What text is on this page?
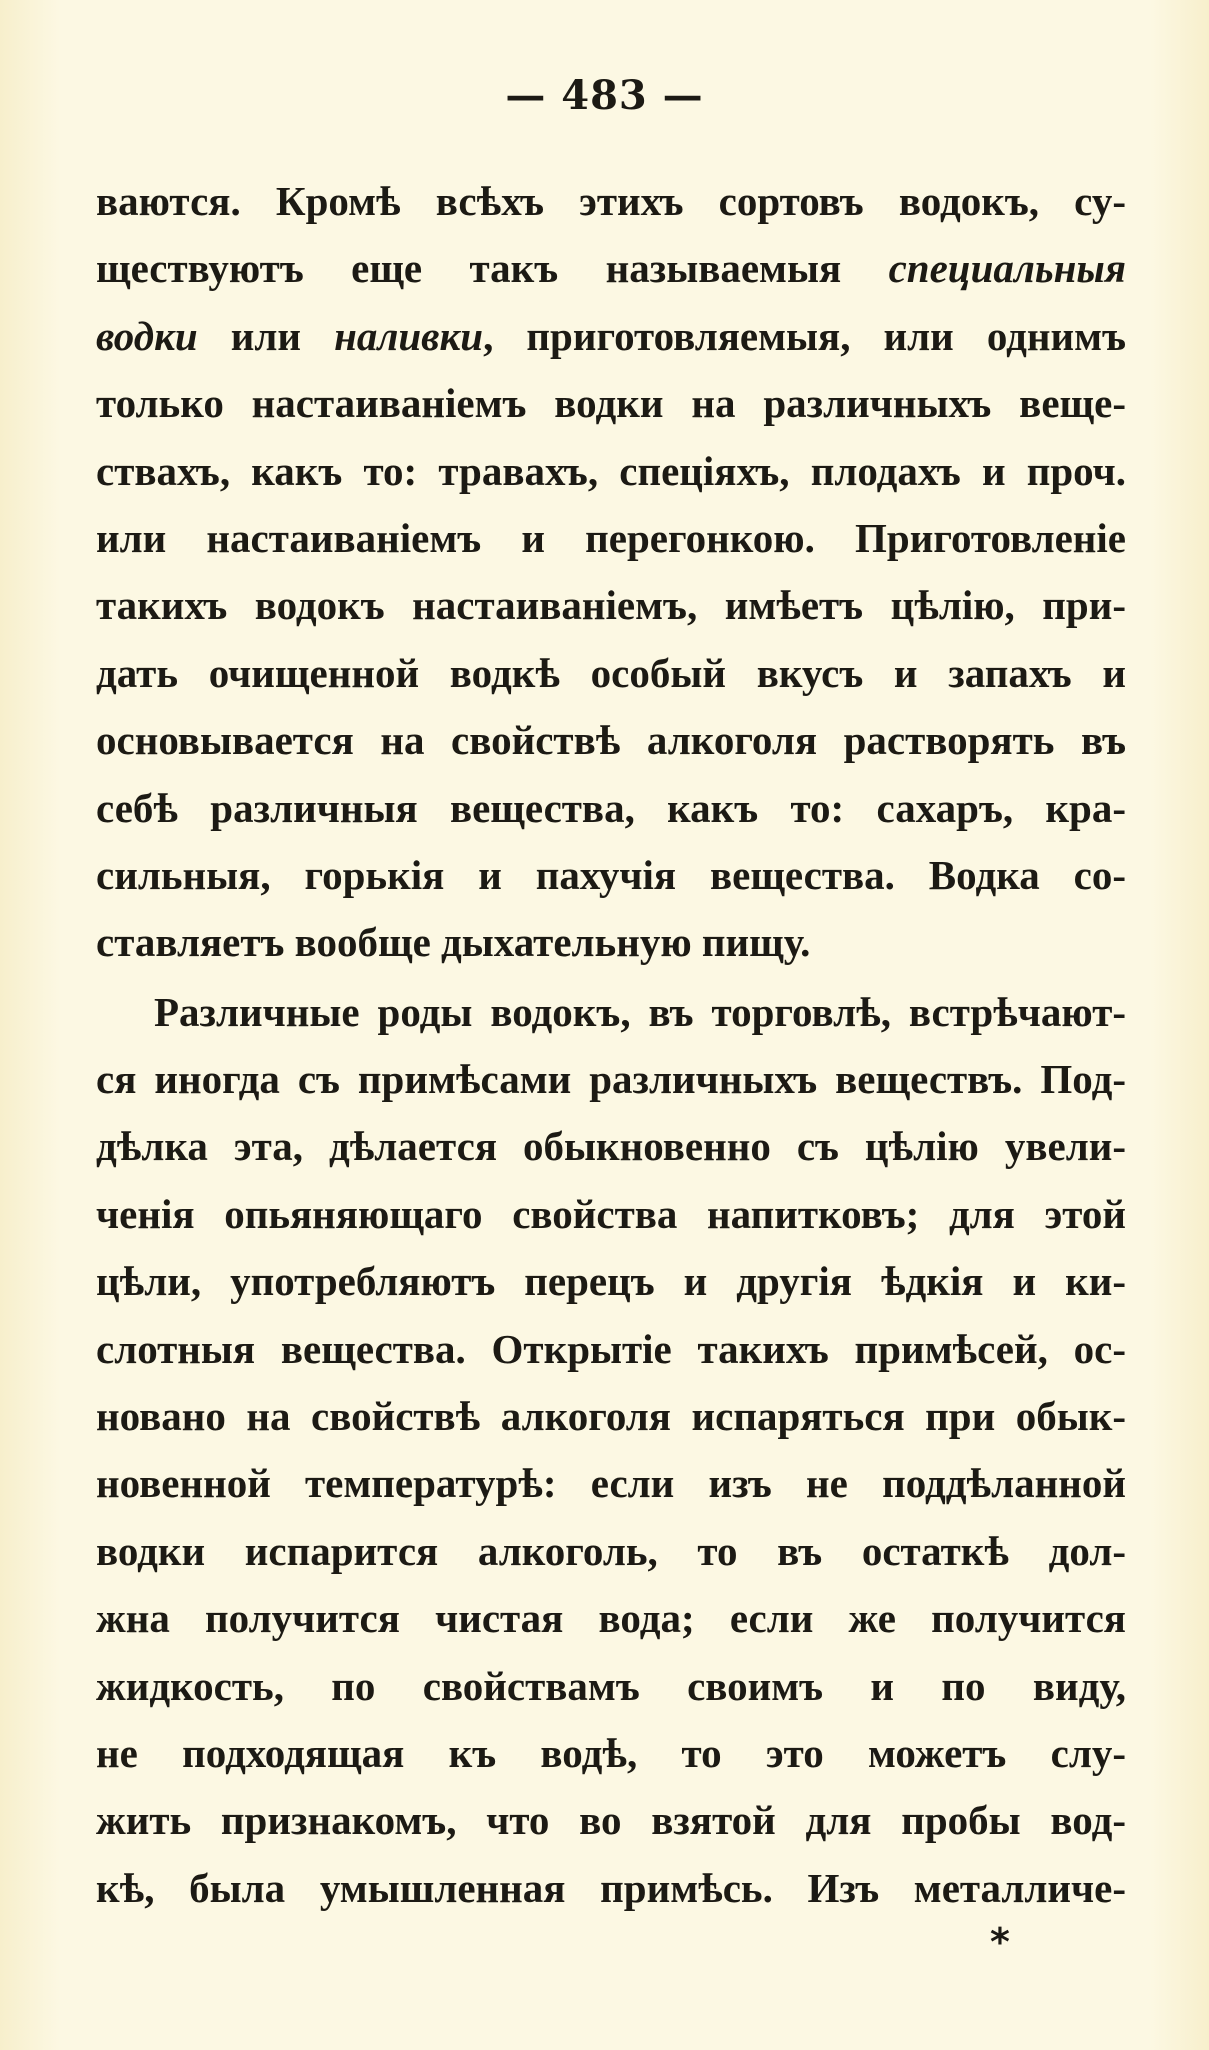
— 483 —
ваются. Кромѣ всѣхъ этихъ сортовъ водокъ, су-
ществуютъ еще такъ называемыя специальныя
водки или наливки, приготовляемыя, или однимъ
только настаиваніемъ водки на различныхъ веще-
ствахъ, какъ то: травахъ, спеціяхъ, плодахъ и проч.
или настаиваніемъ и перегонкою. Приготовленіе
такихъ водокъ настаиваніемъ, имѣетъ цѣлію, при-
дать очищенной водкѣ особый вкусъ и запахъ и
основывается на свойствѣ алкоголя растворять въ
себѣ различныя вещества, какъ то: сахаръ, кра-
сильныя, горькія и пахучія вещества. Водка со-
ставляетъ вообще дыхательную пищу.
Различные роды водокъ, въ торговлѣ, встрѣчают-
ся иногда съ примѣсами различныхъ веществъ. Под-
дѣлка эта, дѣлается обыкновенно съ цѣлію увели-
ченія опьяняющаго свойства напитковъ; для этой
цѣли, употребляютъ перецъ и другія ѣдкія и ки-
слотныя вещества. Открытіе такихъ примѣсей, ос-
новано на свойствѣ алкоголя испаряться при обык-
новенной температурѣ: если изъ не поддѣланной
водки испарится алкоголь, то въ остаткѣ дол-
жна получится чистая вода; если же получится
жидкость, по свойствамъ своимъ и по виду,
не подходящая къ водѣ, то это можетъ слу-
жить признакомъ, что во взятой для пробы вод-
кѣ, была умышленная примѣсь. Изъ металличе-
*
